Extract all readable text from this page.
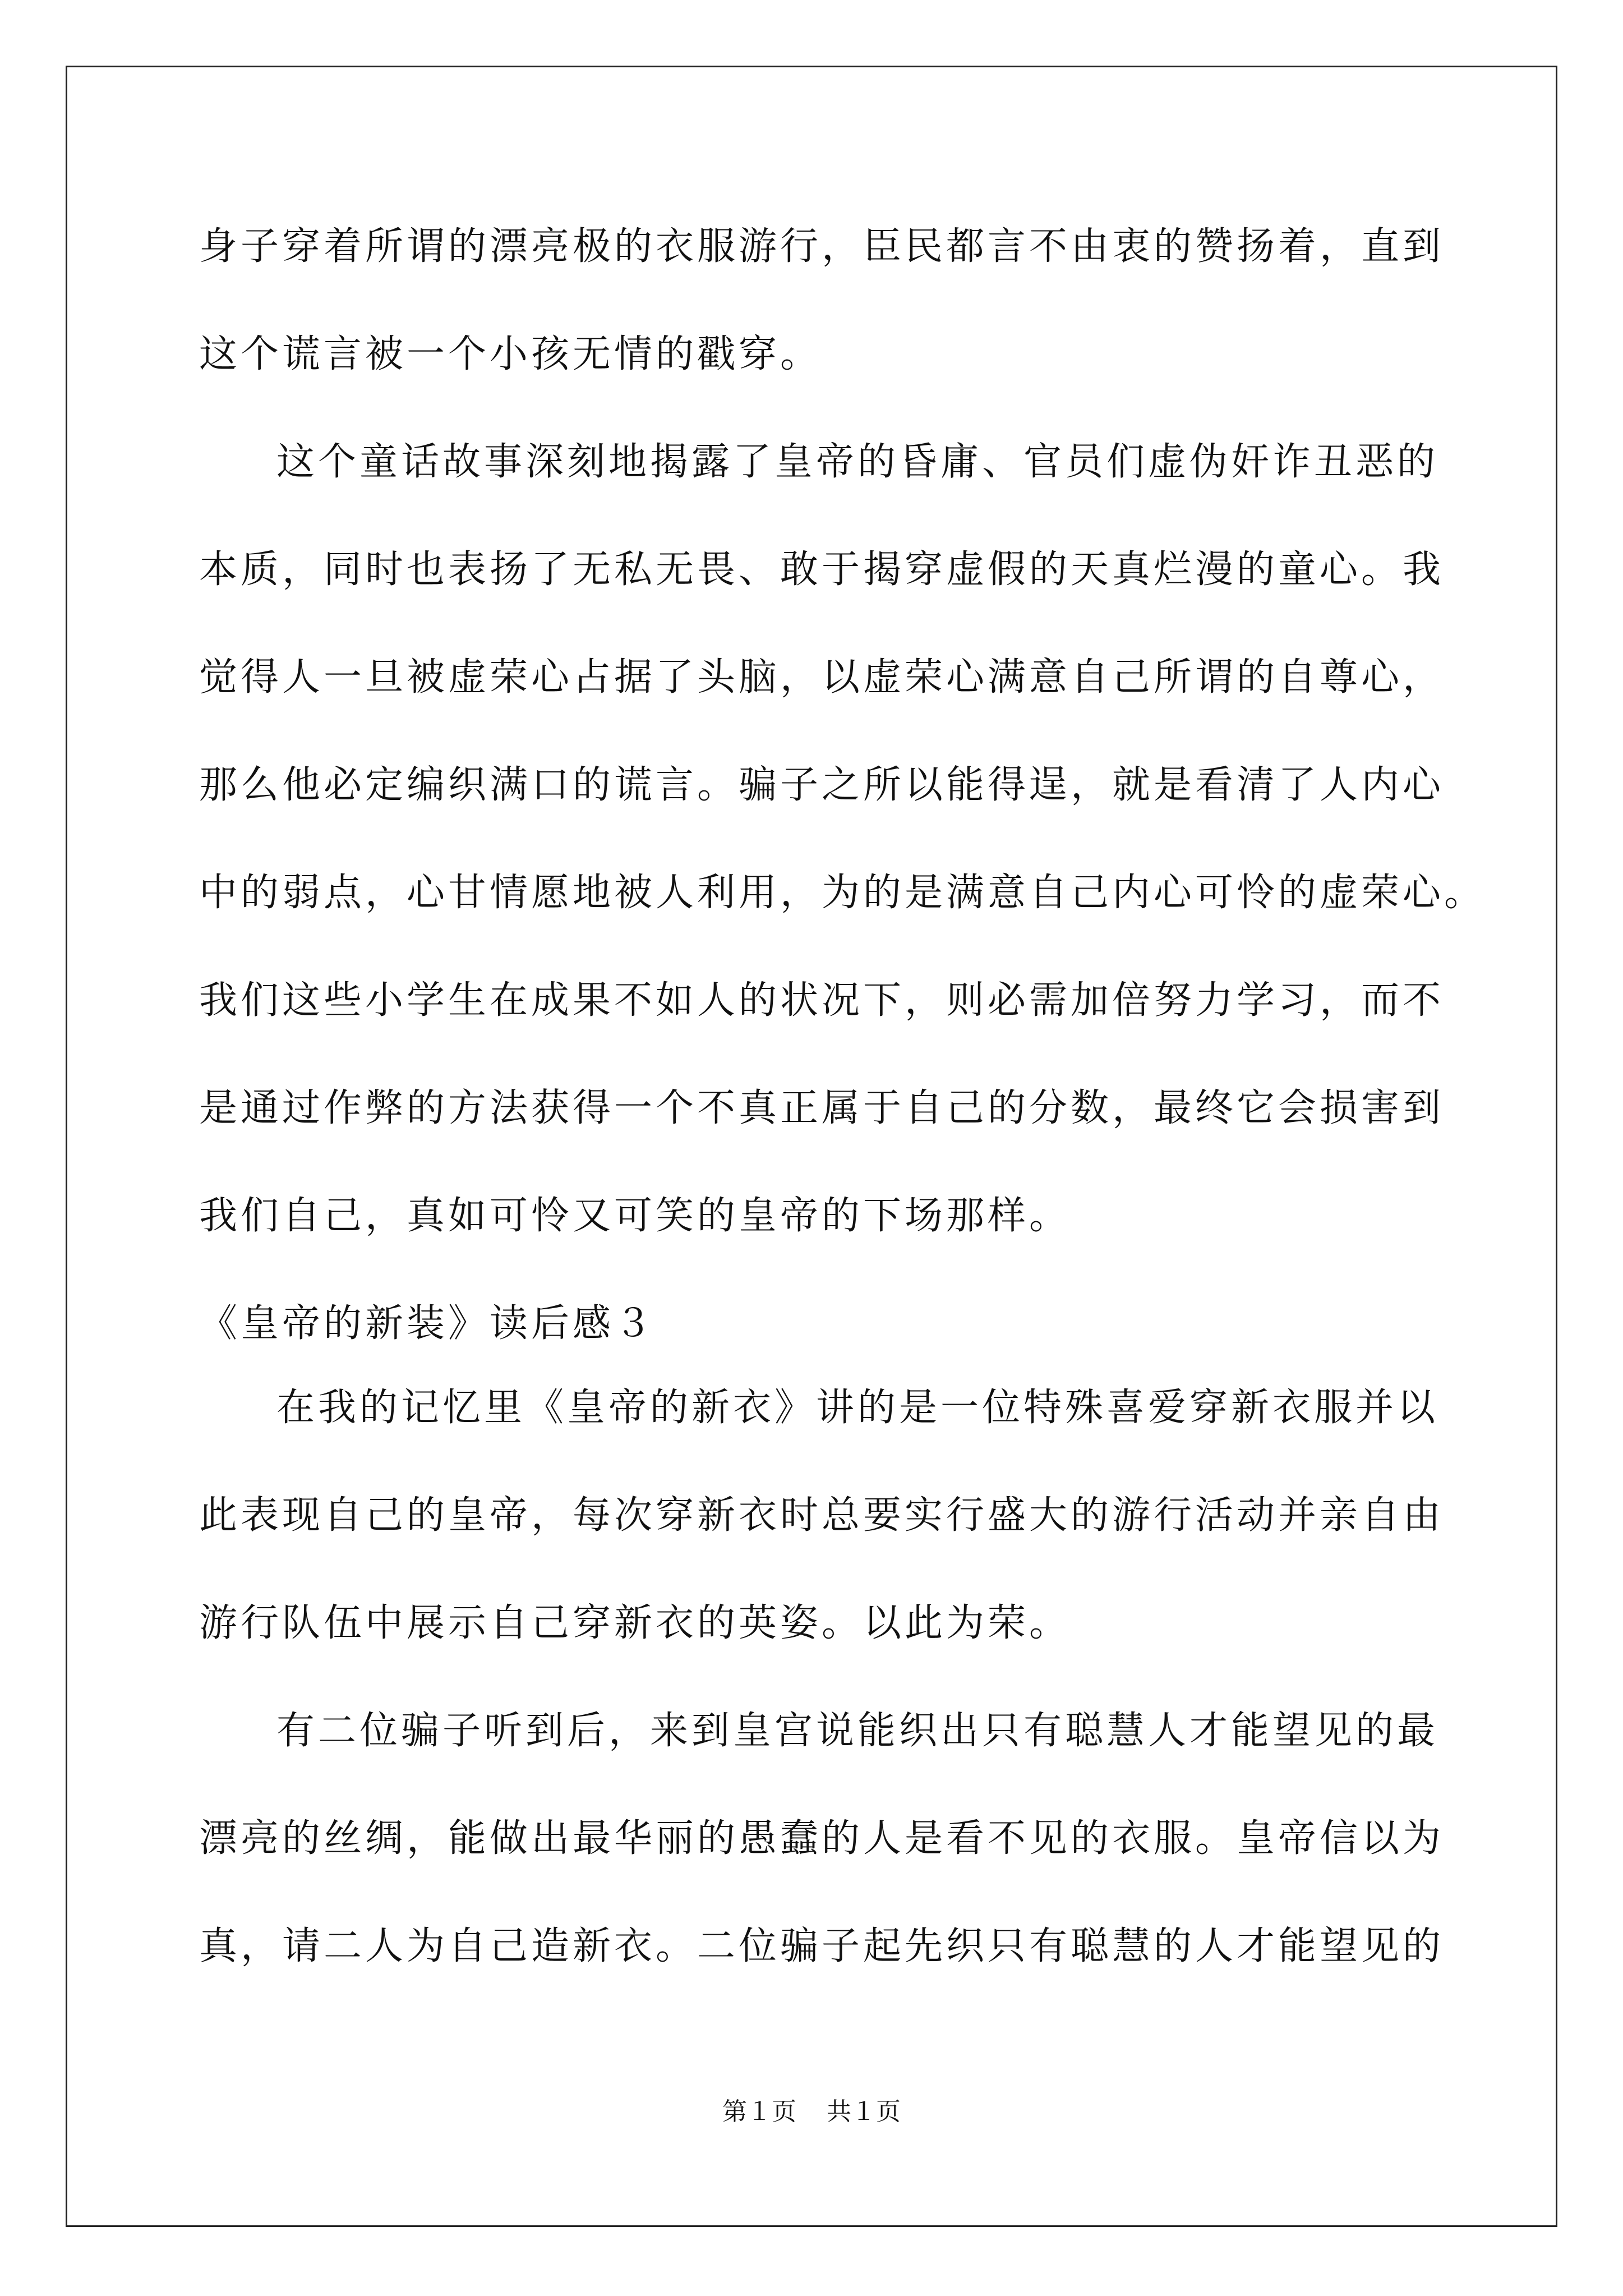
身子穿着所谓的漂亮极的衣服游行，臣民都言不由衷的赞扬着，直到
这个谎言被一个小孩无情的戳穿。
这个童话故事深刻地揭露了皇帝的昏庸、官员们虚伪奸诈丑恶的
本质，同时也表扬了无私无畏、敢于揭穿虚假的天真烂漫的童心。我
觉得人一旦被虚荣心占据了头脑，以虚荣心满意自己所谓的自尊心，
那么他必定编织满口的谎言。骗子之所以能得逞，就是看清了人内心
中的弱点，心甘情愿地被人利用，为的是满意自己内心可怜的虚荣心。
我们这些小学生在成果不如人的状况下，则必需加倍努力学习，而不
是通过作弊的方法获得一个不真正属于自己的分数，最终它会损害到
我们自己，真如可怜又可笑的皇帝的下场那样。
《皇帝的新装》读后感３
在我的记忆里《皇帝的新衣》讲的是一位特殊喜爱穿新衣服并以
此表现自己的皇帝，每次穿新衣时总要实行盛大的游行活动并亲自由
游行队伍中展示自己穿新衣的英姿。以此为荣。
有二位骗子听到后，来到皇宫说能织出只有聪慧人才能望见的最
漂亮的丝绸，能做出最华丽的愚蠢的人是看不见的衣服。皇帝信以为
真，请二人为自己造新衣。二位骗子起先织只有聪慧的人才能望见的
第１页 共１页
